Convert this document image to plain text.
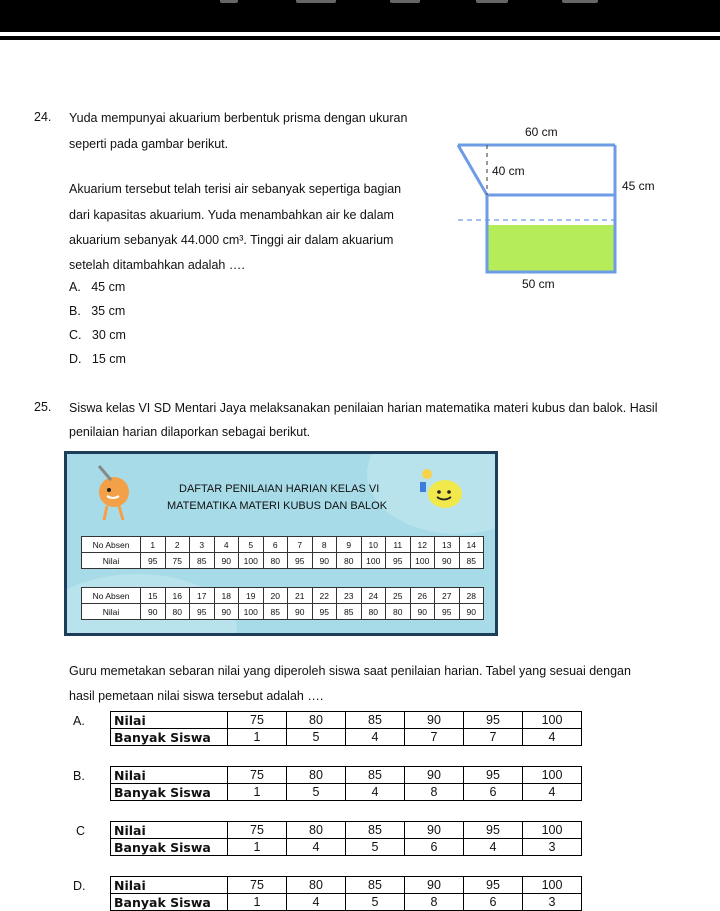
24. Yuda mempunyai akuarium berbentuk prisma dengan ukuran
seperti pada gambar berikut.
Akuarium tersebut telah terisi air sebanyak sepertiga bagian
dari kapasitas akuarium. Yuda menambahkan air ke dalam
akuarium sebanyak 44.000 cm³. Tinggi air dalam akuarium
setelah ditambahkan adalah ….
A. 45 cm
B. 35 cm
C. 30 cm
D. 15 cm
60 cm
40 cm
45 cm
50 cm
25. Siswa kelas VI SD Mentari Jaya melaksanakan penilaian harian matematika materi kubus dan balok. Hasil
penilaian harian dilaporkan sebagai berikut.
DAFTAR PENILAIAN HARIAN KELAS VI
MATEMATIKA MATERI KUBUS DAN BALOK
No Absen	1	2	3	4	5	6	7	8	9	10	11	12	13	14
Nilai	95	75	85	90	100	80	95	90	80	100	95	100	90	85
No Absen	15	16	17	18	19	20	21	22	23	24	25	26	27	28
Nilai	90	80	95	90	100	85	90	95	85	80	80	90	95	90
Guru memetakan sebaran nilai yang diperoleh siswa saat penilaian harian. Tabel yang sesuai dengan
hasil pemetaan nilai siswa tersebut adalah ….
A. Nilai	75	80	85	90	95	100
Banyak Siswa	1	5	4	7	7	4
B. Nilai	75	80	85	90	95	100
Banyak Siswa	1	5	4	8	6	4
C Nilai	75	80	85	90	95	100
Banyak Siswa	1	4	5	6	4	3
D. Nilai	75	80	85	90	95	100
Banyak Siswa	1	4	5	8	6	3
